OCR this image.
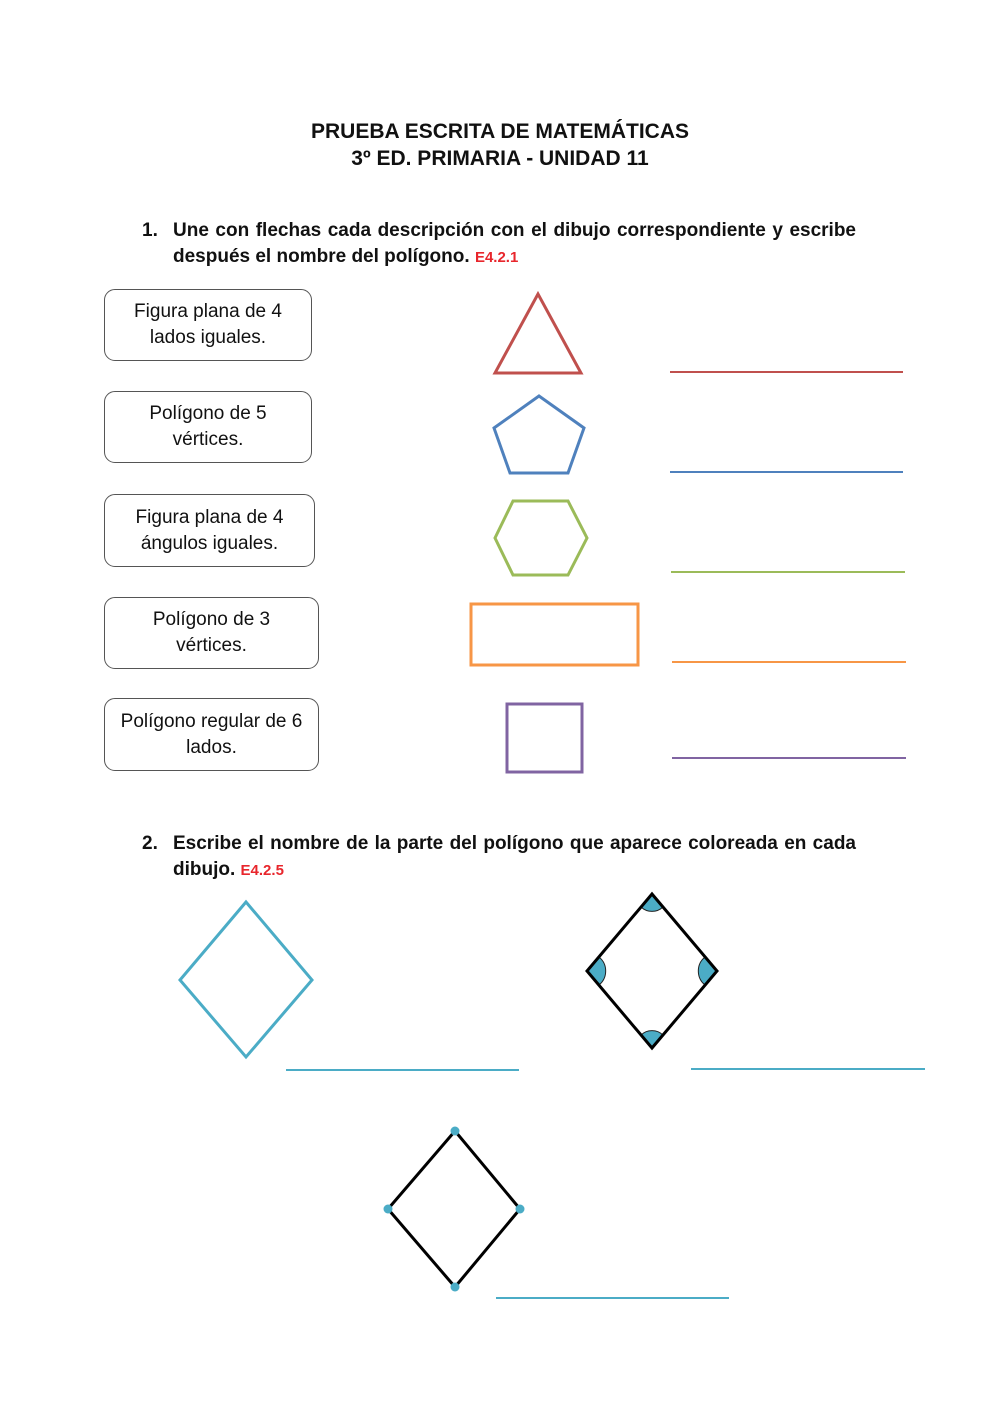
PRUEBA ESCRITA DE MATEMÁTICAS
3º ED. PRIMARIA - UNIDAD 11
1. Une con flechas cada descripción con el dibujo correspondiente y escribe después el nombre del polígono. E4.2.1
Figura plana de 4 lados iguales.
Polígono de 5 vértices.
Figura plana de 4 ángulos iguales.
Polígono de 3 vértices.
Polígono regular de 6 lados.
2. Escribe el nombre de la parte del polígono que aparece coloreada en cada dibujo. E4.2.5
